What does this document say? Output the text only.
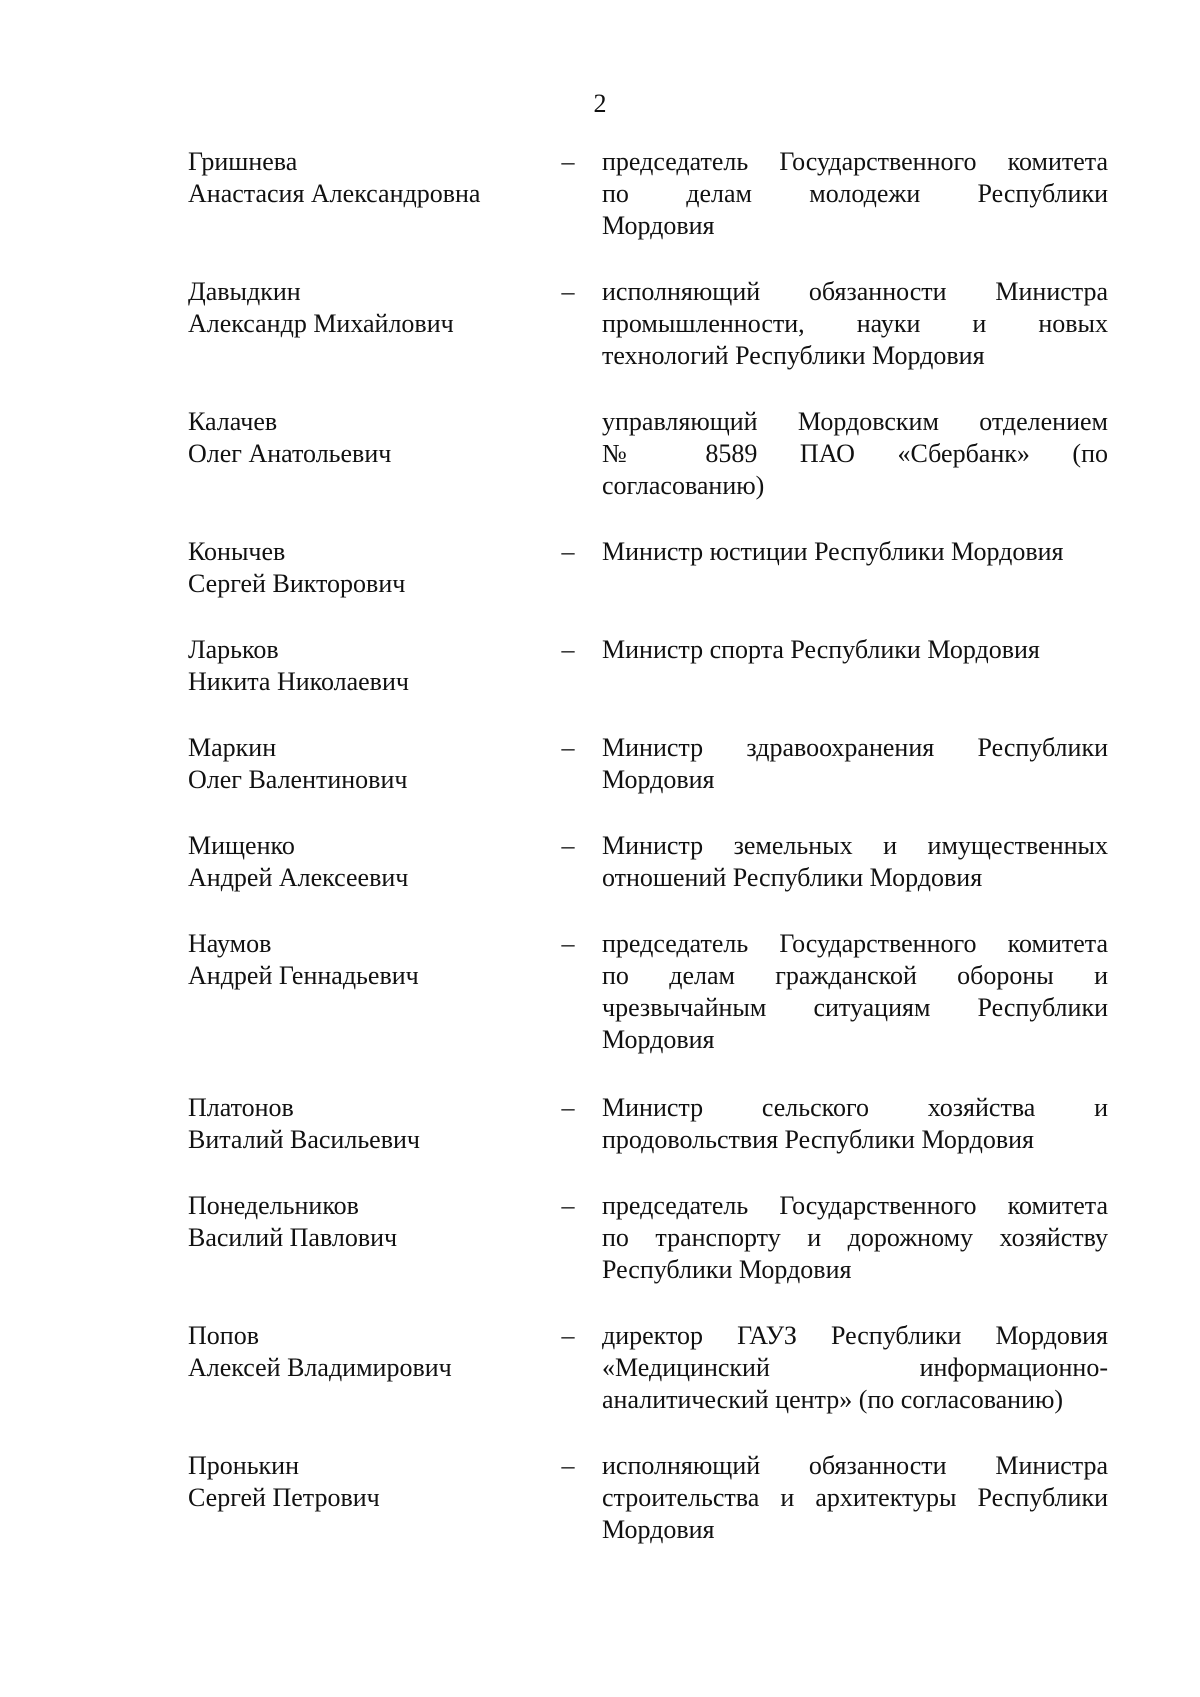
2
Гришнева
Анастасия Александровна
– председатель Государственного комитета
по делам молодежи Республики
Мордовия
Давыдкин
Александр Михайлович
– исполняющий обязанности Министра
промышленности, науки и новых
технологий Республики Мордовия
Калачев
Олег Анатольевич
управляющий Мордовским отделением
№ 8589 ПАО «Сбербанк» (по
согласованию)
Конычев
Сергей Викторович
– Министр юстиции Республики Мордовия
Ларьков
Никита Николаевич
– Министр спорта Республики Мордовия
Маркин
Олег Валентинович
– Министр здравоохранения Республики
Мордовия
Мищенко
Андрей Алексеевич
– Министр земельных и имущественных
отношений Республики Мордовия
Наумов
Андрей Геннадьевич
– председатель Государственного комитета
по делам гражданской обороны и
чрезвычайным ситуациям Республики
Мордовия
Платонов
Виталий Васильевич
– Министр сельского хозяйства и
продовольствия Республики Мордовия
Понедельников
Василий Павлович
– председатель Государственного комитета
по транспорту и дорожному хозяйству
Республики Мордовия
Попов
Алексей Владимирович
– директор ГАУЗ Республики Мордовия
«Медицинский информационно-
аналитический центр» (по согласованию)
Пронькин
Сергей Петрович
– исполняющий обязанности Министра
строительства и архитектуры Республики
Мордовия
